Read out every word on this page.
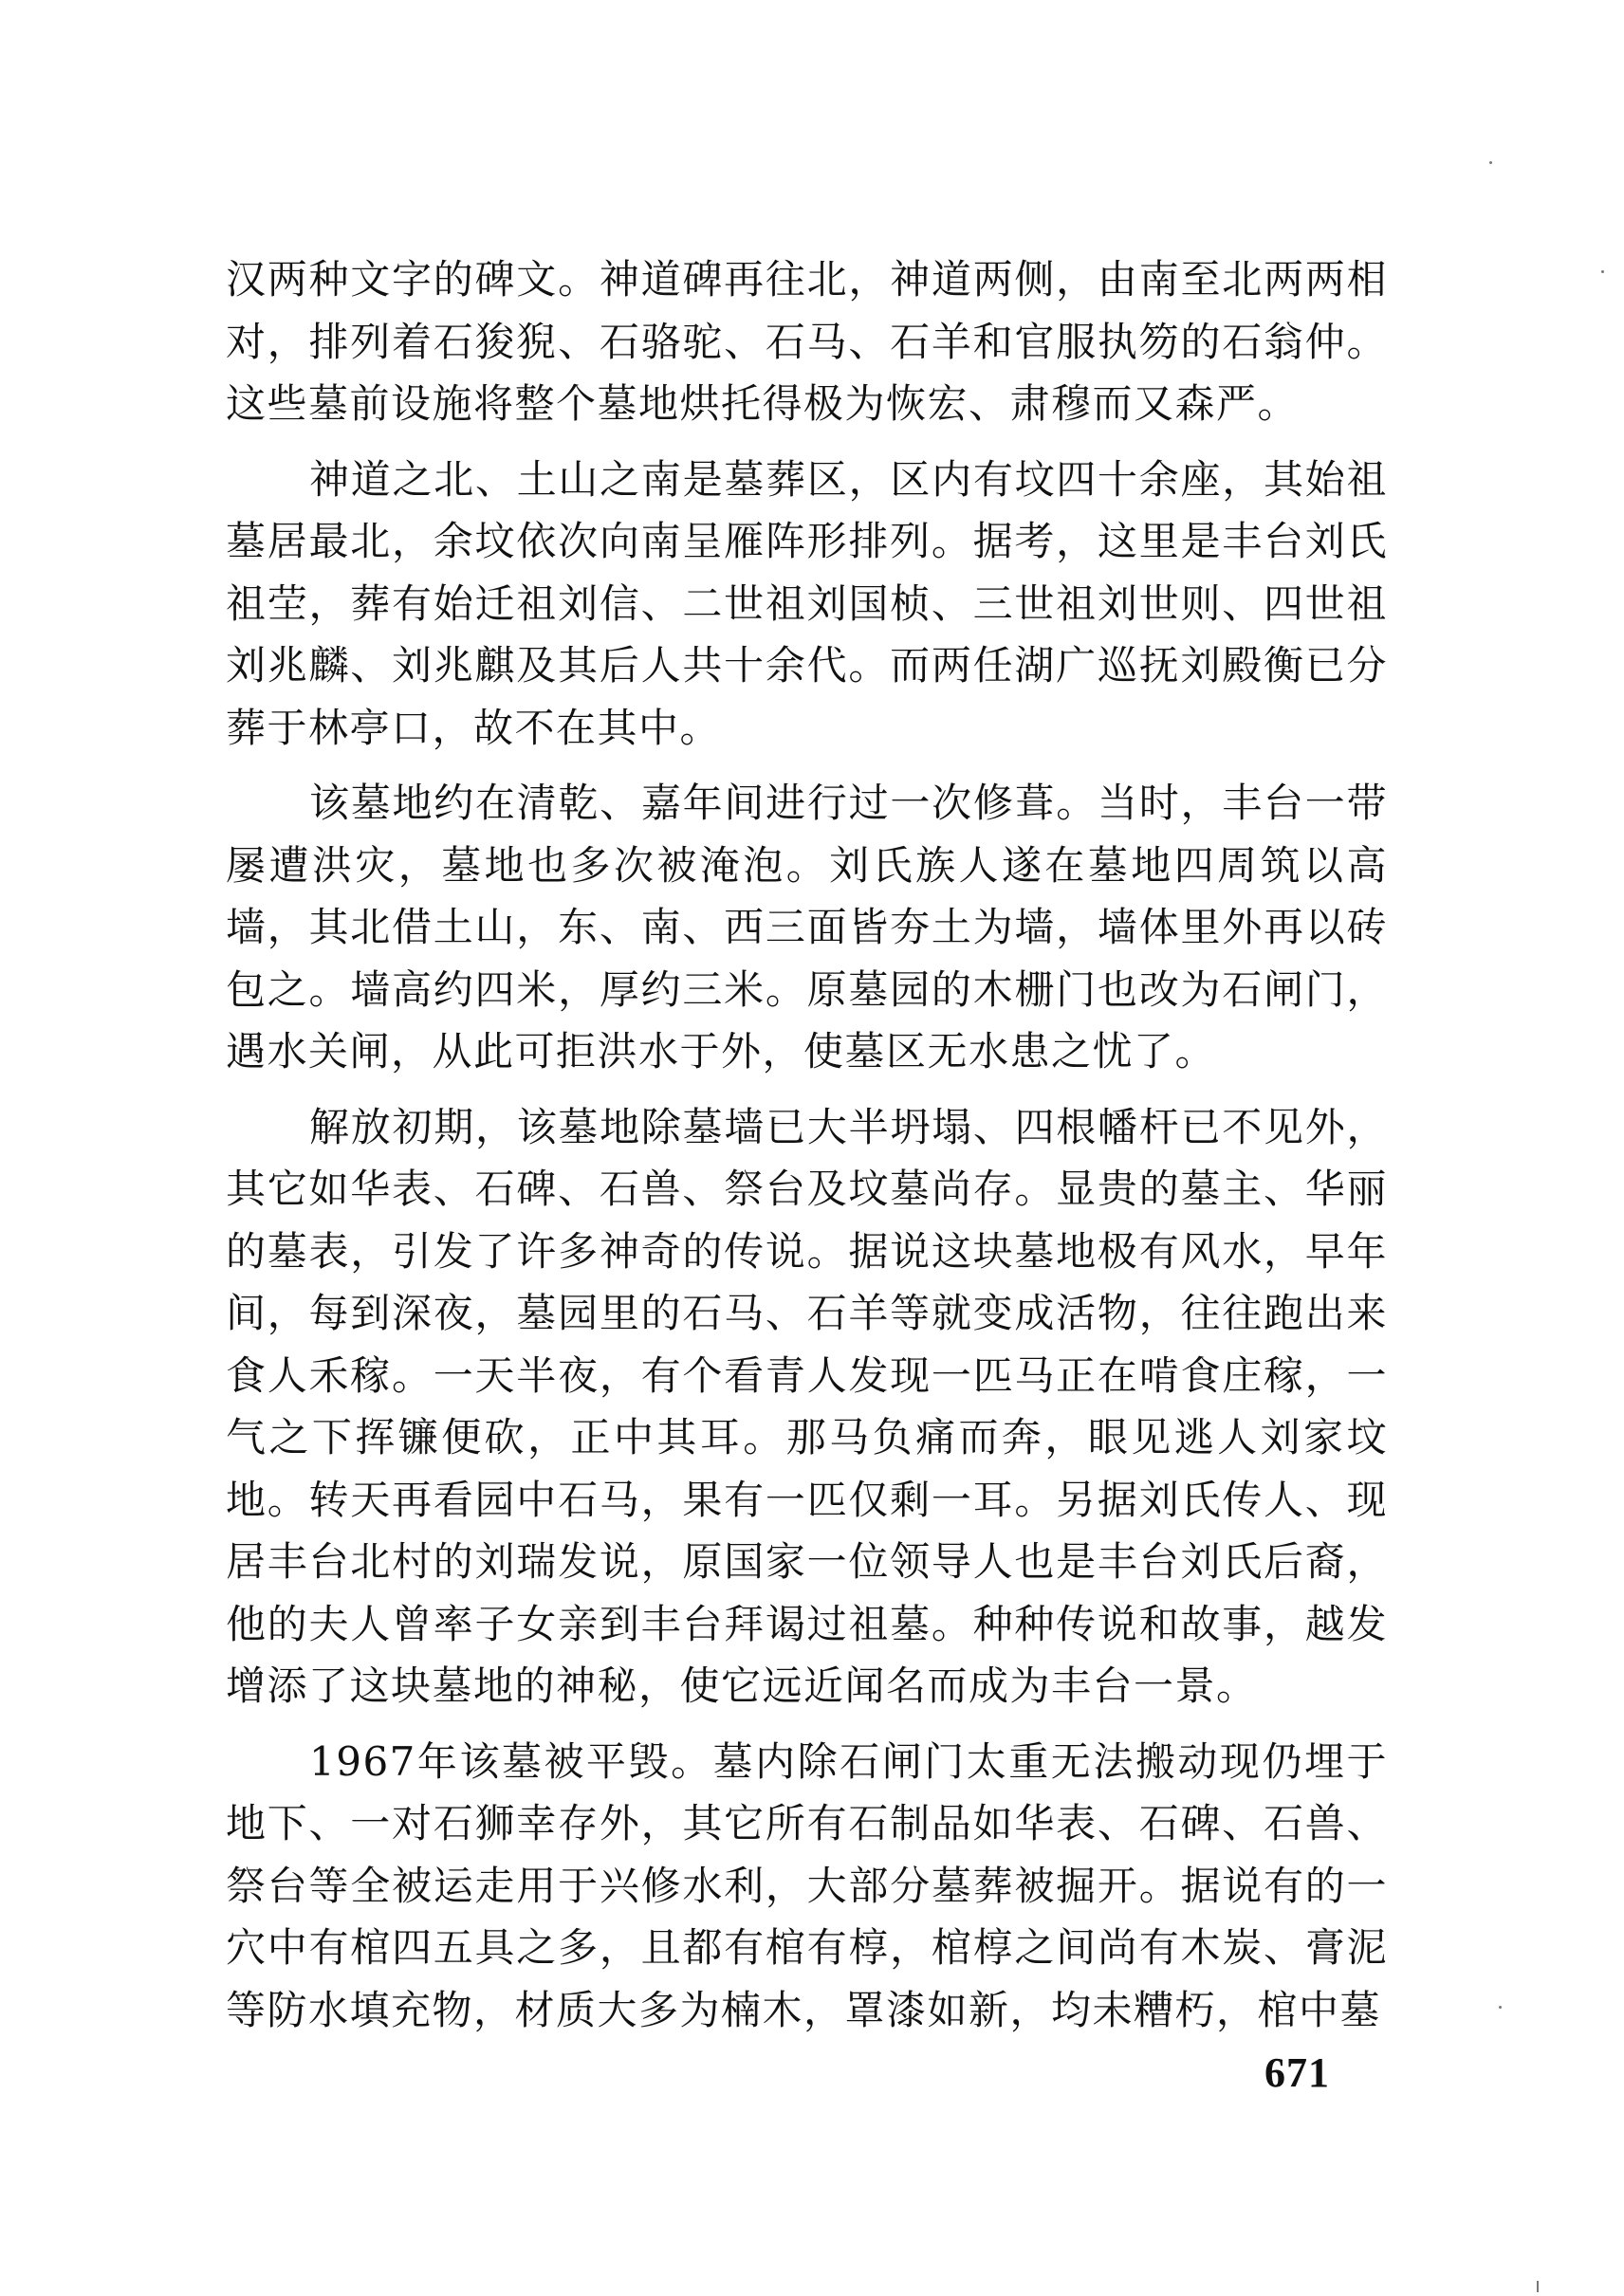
汉两种文字的碑文。神道碑再往北，神道两侧，由南至北两两相对，排列着石狻猊、石骆驼、石马、石羊和官服执笏的石翁仲。这些墓前设施将整个墓地烘托得极为恢宏、肃穆而又森严。

神道之北、土山之南是墓葬区，区内有坟四十余座，其始祖墓居最北，余坟依次向南呈雁阵形排列。据考，这里是丰台刘氏祖茔，葬有始迁祖刘信、二世祖刘国桢、三世祖刘世则、四世祖刘兆麟、刘兆麒及其后人共十余代。而两任湖广巡抚刘殿衡已分葬于林亭口，故不在其中。

该墓地约在清乾、嘉年间进行过一次修葺。当时，丰台一带屡遭洪灾，墓地也多次被淹泡。刘氏族人遂在墓地四周筑以高墙，其北借土山，东、南、西三面皆夯土为墙，墙体里外再以砖包之。墙高约四米，厚约三米。原墓园的木栅门也改为石闸门，遇水关闸，从此可拒洪水于外，使墓区无水患之忧了。

解放初期，该墓地除墓墙已大半坍塌、四根幡杆已不见外，其它如华表、石碑、石兽、祭台及坟墓尚存。显贵的墓主、华丽的墓表，引发了许多神奇的传说。据说这块墓地极有风水，早年间，每到深夜，墓园里的石马、石羊等就变成活物，往往跑出来食人禾稼。一天半夜，有个看青人发现一匹马正在啃食庄稼，一气之下挥镰便砍，正中其耳。那马负痛而奔，眼见逃人刘家坟地。转天再看园中石马，果有一匹仅剩一耳。另据刘氏传人、现居丰台北村的刘瑞发说，原国家一位领导人也是丰台刘氏后裔，他的夫人曾率子女亲到丰台拜谒过祖墓。种种传说和故事，越发增添了这块墓地的神秘，使它远近闻名而成为丰台一景。

1967年该墓被平毁。墓内除石闸门太重无法搬动现仍埋于地下、一对石狮幸存外，其它所有石制品如华表、石碑、石兽、祭台等全被运走用于兴修水利，大部分墓葬被掘开。据说有的一穴中有棺四五具之多，且都有棺有椁，棺椁之间尚有木炭、膏泥等防水填充物，材质大多为楠木，罩漆如新，均未糟朽，棺中墓

671
